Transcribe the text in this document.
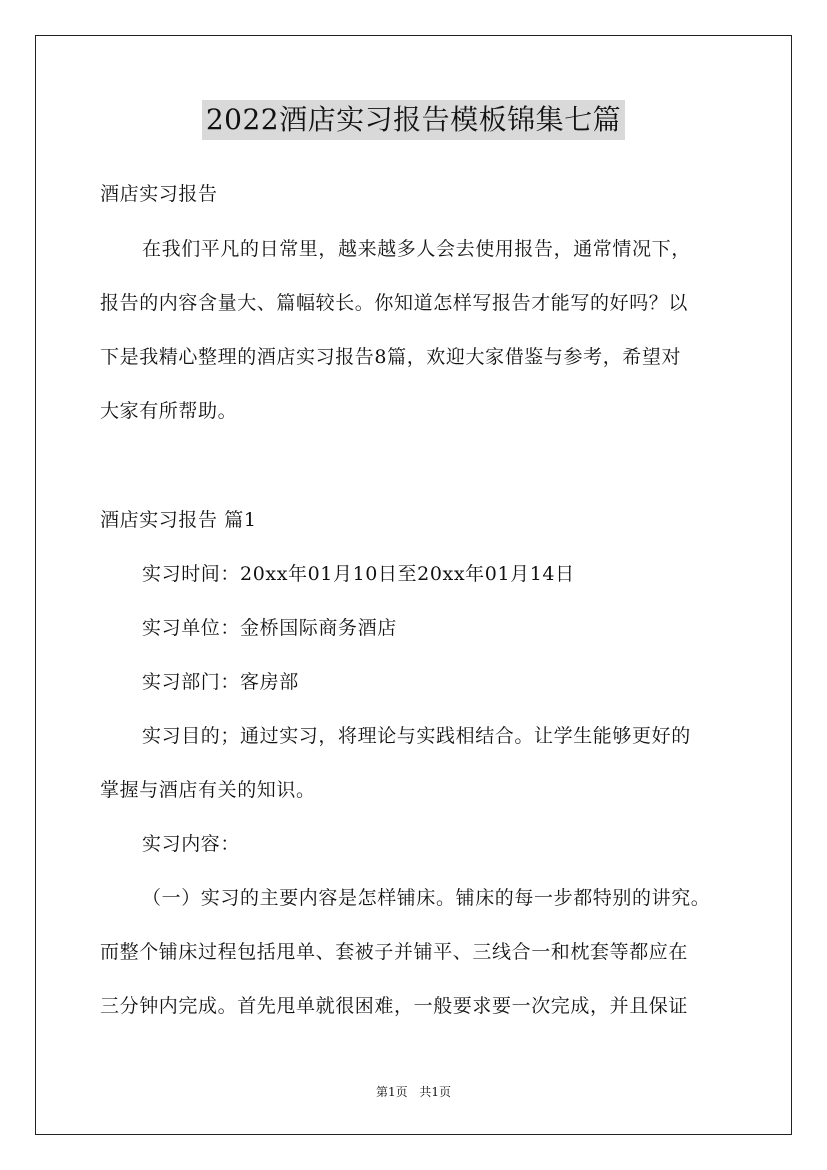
2022酒店实习报告模板锦集七篇
酒店实习报告
在我们平凡的日常里，越来越多人会去使用报告，通常情况下，
报告的内容含量大、篇幅较长。你知道怎样写报告才能写的好吗？以
下是我精心整理的酒店实习报告8篇，欢迎大家借鉴与参考，希望对
大家有所帮助。
酒店实习报告 篇1
实习时间：20xx年01月10日至20xx年01月14日
实习单位：金桥国际商务酒店
实习部门：客房部
实习目的；通过实习，将理论与实践相结合。让学生能够更好的
掌握与酒店有关的知识。
实习内容：
（一）实习的主要内容是怎样铺床。铺床的每一步都特别的讲究。
而整个铺床过程包括甩单、套被子并铺平、三线合一和枕套等都应在
三分钟内完成。首先甩单就很困难，一般要求要一次完成，并且保证
第1页 共1页
